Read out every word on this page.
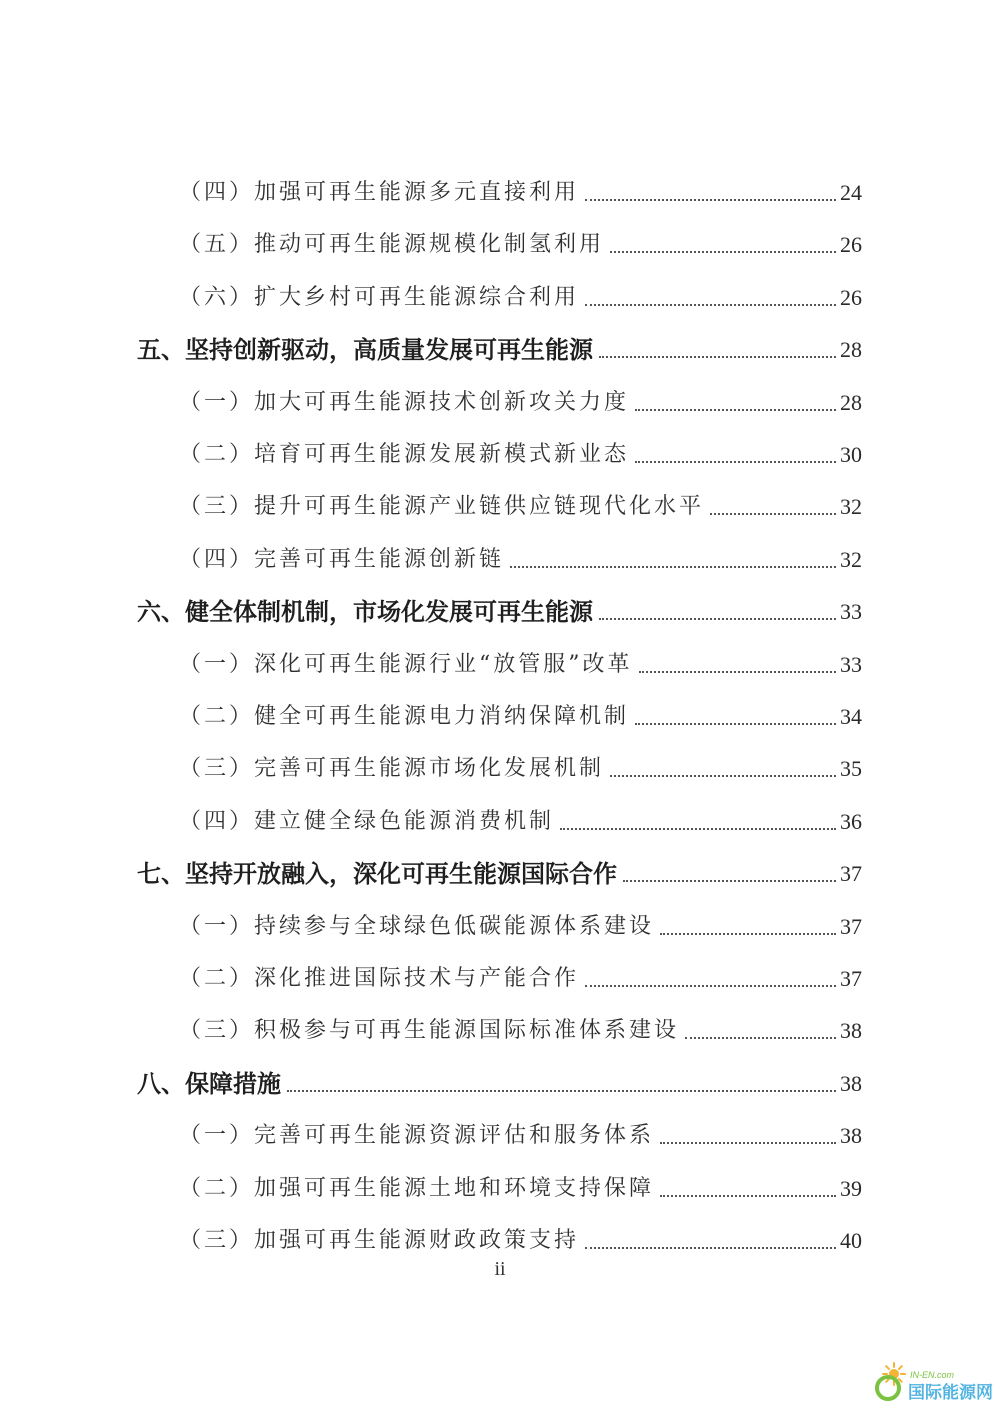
（四）加强可再生能源多元直接利用	24
（五）推动可再生能源规模化制氢利用	26
（六）扩大乡村可再生能源综合利用	26
五、坚持创新驱动，高质量发展可再生能源	28
（一）加大可再生能源技术创新攻关力度	28
（二）培育可再生能源发展新模式新业态	30
（三）提升可再生能源产业链供应链现代化水平	32
（四）完善可再生能源创新链	32
六、健全体制机制，市场化发展可再生能源	33
（一）深化可再生能源行业“放管服”改革	33
（二）健全可再生能源电力消纳保障机制	34
（三）完善可再生能源市场化发展机制	35
（四）建立健全绿色能源消费机制	36
七、坚持开放融入，深化可再生能源国际合作	37
（一）持续参与全球绿色低碳能源体系建设	37
（二）深化推进国际技术与产能合作	37
（三）积极参与可再生能源国际标准体系建设	38
八、保障措施	38
（一）完善可再生能源资源评估和服务体系	38
（二）加强可再生能源土地和环境支持保障	39
（三）加强可再生能源财政政策支持	40
ii
IN-EN.com
国际能源网
